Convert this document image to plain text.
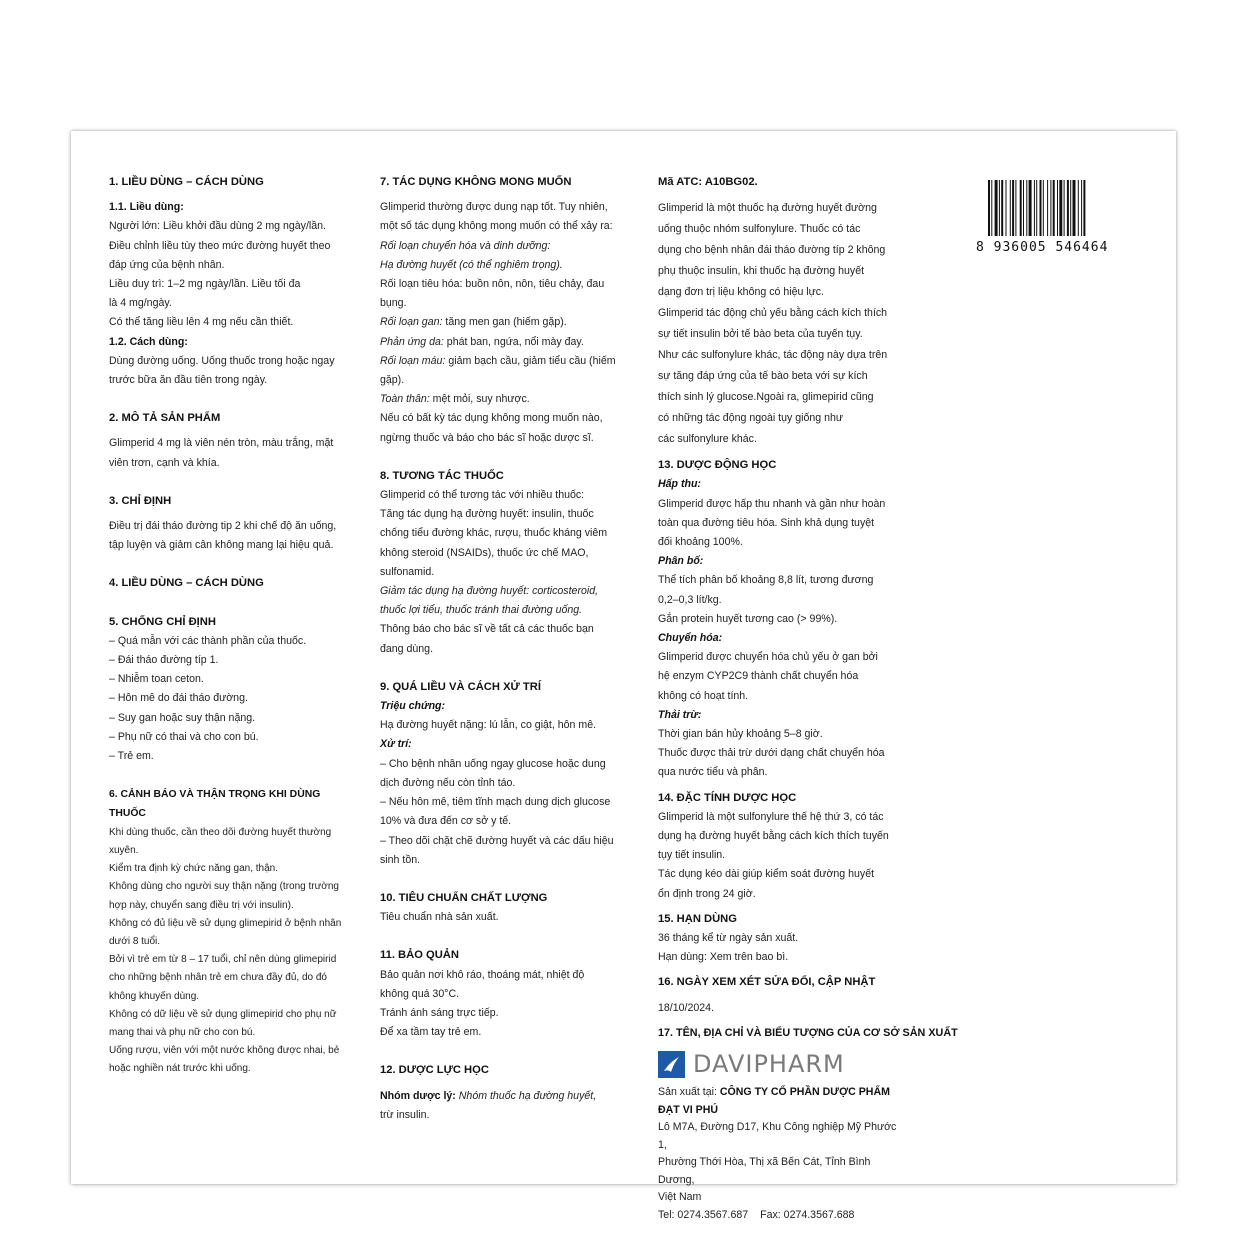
1. LIỀU DÙNG – CÁCH DÙNG

1.1. Liều dùng:
Người lớn: Liều khởi đầu dùng 2 mg ngày/lần.
Điều chỉnh liều tùy theo mức đường huyết theo
đáp ứng của bệnh nhân.
Liều duy trì: 1–2 mg ngày/lần. Liều tối đa
là 4 mg/ngày.
Có thể tăng liều lên 4 mg nếu cần thiết.
1.2. Cách dùng:
Dùng đường uống. Uống thuốc trong hoặc ngay
trước bữa ăn đầu tiên trong ngày.

2. MÔ TẢ SẢN PHẨM

Glimperid 4 mg là viên nén tròn, màu trắng, mặt
viên trơn, cạnh và khía.

3. CHỈ ĐỊNH

Điều trị đái tháo đường tip 2 khi chế độ ăn uống,
tập luyện và giảm cân không mang lại hiệu quả.

4. LIỀU DÙNG – CÁCH DÙNG

5. CHỐNG CHỈ ĐỊNH

– Quá mẫn với các thành phần của thuốc.
– Đái tháo đường típ 1.
– Nhiễm toan ceton.
– Hôn mê do đái tháo đường.
– Suy gan hoặc suy thận nặng.
– Phụ nữ có thai và cho con bú.
– Trẻ em.

6. CẢNH BÁO VÀ THẬN TRỌNG KHI DÙNG THUỐC

Khi dùng thuốc, cần theo dõi đường huyết thường
xuyên.
Kiểm tra định kỳ chức năng gan, thận.
Không dùng cho người suy thận nặng (trong trường
hợp này, chuyển sang điều trị với insulin).
Không có đủ liệu về sử dụng glimepirid ở bệnh nhân
dưới 8 tuổi.
Bởi vì trẻ em từ 8 – 17 tuổi, chỉ nên dùng glimepirid
cho những bệnh nhân trẻ em chưa đầy đủ, do đó
không khuyến dùng.
Không có dữ liệu về sử dụng glimepirid cho phụ nữ
mang thai và phụ nữ cho con bú.
Uống rượu, viên với một nước không được nhai, bẻ
hoặc nghiền nát trước khi uống.

7. TÁC DỤNG KHÔNG MONG MUỐN

Glimperid thường được dung nạp tốt. Tuy nhiên,
một số tác dụng không mong muốn có thể xảy ra:
Rối loạn chuyển hóa và dinh dưỡng:
Hạ đường huyết (có thể nghiêm trọng).
Rối loạn tiêu hóa: buồn nôn, nôn, tiêu chảy, đau
bụng.
Rối loạn gan: tăng men gan (hiếm gặp).
Phản ứng da: phát ban, ngứa, nổi mày đay.
Rối loạn máu: giảm bạch cầu, giảm tiểu cầu (hiếm
gặp).
Toàn thân: mệt mỏi, suy nhược.
Nếu có bất kỳ tác dụng không mong muốn nào,
ngừng thuốc và báo cho bác sĩ hoặc dược sĩ.

8. TƯƠNG TÁC THUỐC

Glimperid có thể tương tác với nhiều thuốc:
Tăng tác dụng hạ đường huyết: insulin, thuốc
chống tiểu đường khác, rượu, thuốc kháng viêm
không steroid (NSAIDs), thuốc ức chế MAO,
sulfonamid.
Giảm tác dụng hạ đường huyết: corticosteroid,
thuốc lợi tiểu, thuốc tránh thai đường uống.
Thông báo cho bác sĩ về tất cả các thuốc bạn
đang dùng.

9. QUÁ LIỀU VÀ CÁCH XỬ TRÍ

Triệu chứng:
Hạ đường huyết nặng: lú lẫn, co giật, hôn mê.
Xử trí:
– Cho bệnh nhân uống ngay glucose hoặc dung
dịch đường nếu còn tỉnh táo.
– Nếu hôn mê, tiêm tĩnh mạch dung dịch glucose
10% và đưa đến cơ sở y tế.
– Theo dõi chặt chẽ đường huyết và các dấu hiệu
sinh tồn.

10. TIÊU CHUẨN CHẤT LƯỢNG

Tiêu chuẩn nhà sản xuất.

11. BẢO QUẢN

Bảo quản nơi khô ráo, thoáng mát, nhiệt độ
không quá 30°C.
Tránh ánh sáng trực tiếp.
Để xa tầm tay trẻ em.

12. DƯỢC LỰC HỌC

Nhóm dược lý: Nhóm thuốc hạ đường huyết,
trừ insulin.

Mã ATC: A10BG02.

Glimperid là một thuốc hạ đường huyết đường
uống thuộc nhóm sulfonylure. Thuốc có tác
dụng cho bệnh nhân đái tháo đường típ 2 không
phụ thuộc insulin, khi thuốc hạ đường huyết
dạng đơn trị liệu không có hiệu lực.
Glimperid tác động chủ yếu bằng cách kích thích
sự tiết insulin bởi tế bào beta của tuyến tụy.
Như các sulfonylure khác, tác động này dựa trên
sự tăng đáp ứng của tế bào beta với sự kích
thích sinh lý glucose.Ngoài ra, glimepirid cũng
có những tác động ngoài tụy giống như
các sulfonylure khác.

13. DƯỢC ĐỘNG HỌC

Hấp thu:
Glimperid được hấp thu nhanh và gần như hoàn
toàn qua đường tiêu hóa. Sinh khả dụng tuyệt
đối khoảng 100%.
Phân bố:
Thể tích phân bố khoảng 8,8 lít, tương đương
0,2–0,3 lít/kg.
Gắn protein huyết tương cao (> 99%).
Chuyển hóa:
Glimperid được chuyển hóa chủ yếu ở gan bởi
hệ enzym CYP2C9 thành chất chuyển hóa
không có hoạt tính.
Thải trừ:
Thời gian bán hủy khoảng 5–8 giờ.
Thuốc được thải trừ dưới dạng chất chuyển hóa
qua nước tiểu và phân.

14. ĐẶC TÍNH DƯỢC HỌC

Glimperid là một sulfonylure thế hệ thứ 3, có tác
dụng hạ đường huyết bằng cách kích thích tuyến
tụy tiết insulin.
Tác dụng kéo dài giúp kiểm soát đường huyết
ổn định trong 24 giờ.

15. HẠN DÙNG

36 tháng kể từ ngày sản xuất.
Hạn dùng: Xem trên bao bì.

16. NGÀY XEM XÉT SỬA ĐỔI, CẬP NHẬT

18/10/2024.

17. TÊN, ĐỊA CHỈ VÀ BIỂU TƯỢNG CỦA CƠ SỞ SẢN XUẤT

DAVIPHARM
Sản xuất tại: CÔNG TY CỔ PHẦN DƯỢC PHẨM ĐẠT VI PHÚ
Lô M7A, Đường D17, Khu Công nghiệp Mỹ Phước 1,
Phường Thới Hòa, Thị xã Bến Cát, Tỉnh Bình Dương,
Việt Nam
Tel: 0274.3567.687 Fax: 0274.3567.688
8 936005 546464
